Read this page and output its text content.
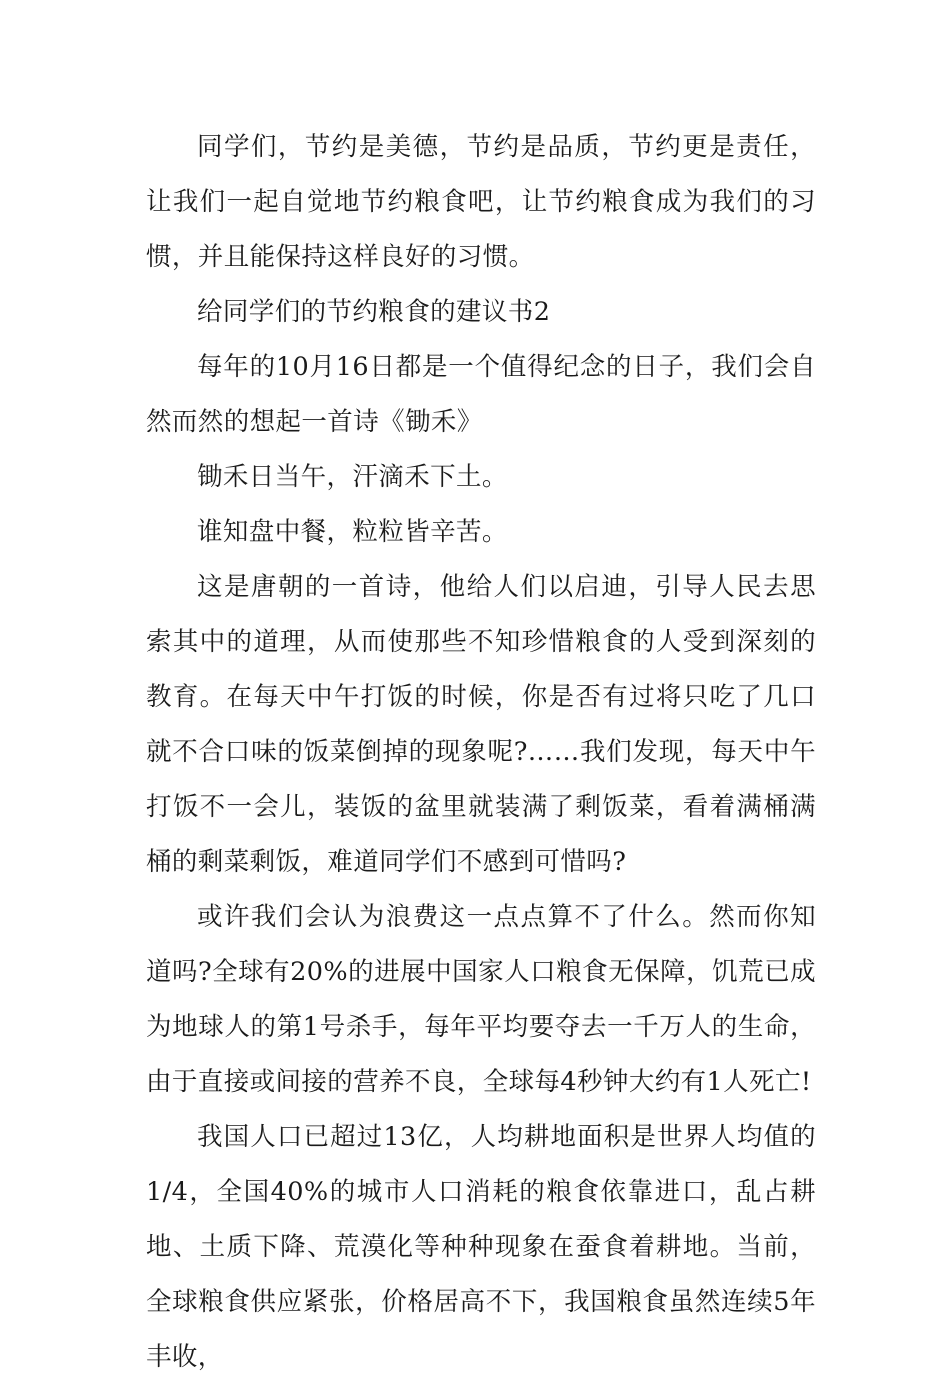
同学们，节约是美德，节约是品质，节约更是责任，让我们一起自觉地节约粮食吧，让节约粮食成为我们的习惯，并且能保持这样良好的习惯。

给同学们的节约粮食的建议书2

每年的10月16日都是一个值得纪念的日子，我们会自然而然的想起一首诗《锄禾》

锄禾日当午，汗滴禾下土。

谁知盘中餐，粒粒皆辛苦。

这是唐朝的一首诗，他给人们以启迪，引导人民去思索其中的道理，从而使那些不知珍惜粮食的人受到深刻的教育。在每天中午打饭的时候，你是否有过将只吃了几口就不合口味的饭菜倒掉的现象呢?……我们发现，每天中午打饭不一会儿，装饭的盆里就装满了剩饭菜，看着满桶满桶的剩菜剩饭，难道同学们不感到可惜吗?

或许我们会认为浪费这一点点算不了什么。然而你知道吗?全球有20%的进展中国家人口粮食无保障，饥荒已成为地球人的第1号杀手，每年平均要夺去一千万人的生命，由于直接或间接的营养不良，全球每4秒钟大约有1人死亡!

我国人口已超过13亿，人均耕地面积是世界人均值的1/4，全国40%的城市人口消耗的粮食依靠进口，乱占耕地、土质下降、荒漠化等种种现象在蚕食着耕地。当前，全球粮食供应紧张，价格居高不下，我国粮食虽然连续5年丰收，
